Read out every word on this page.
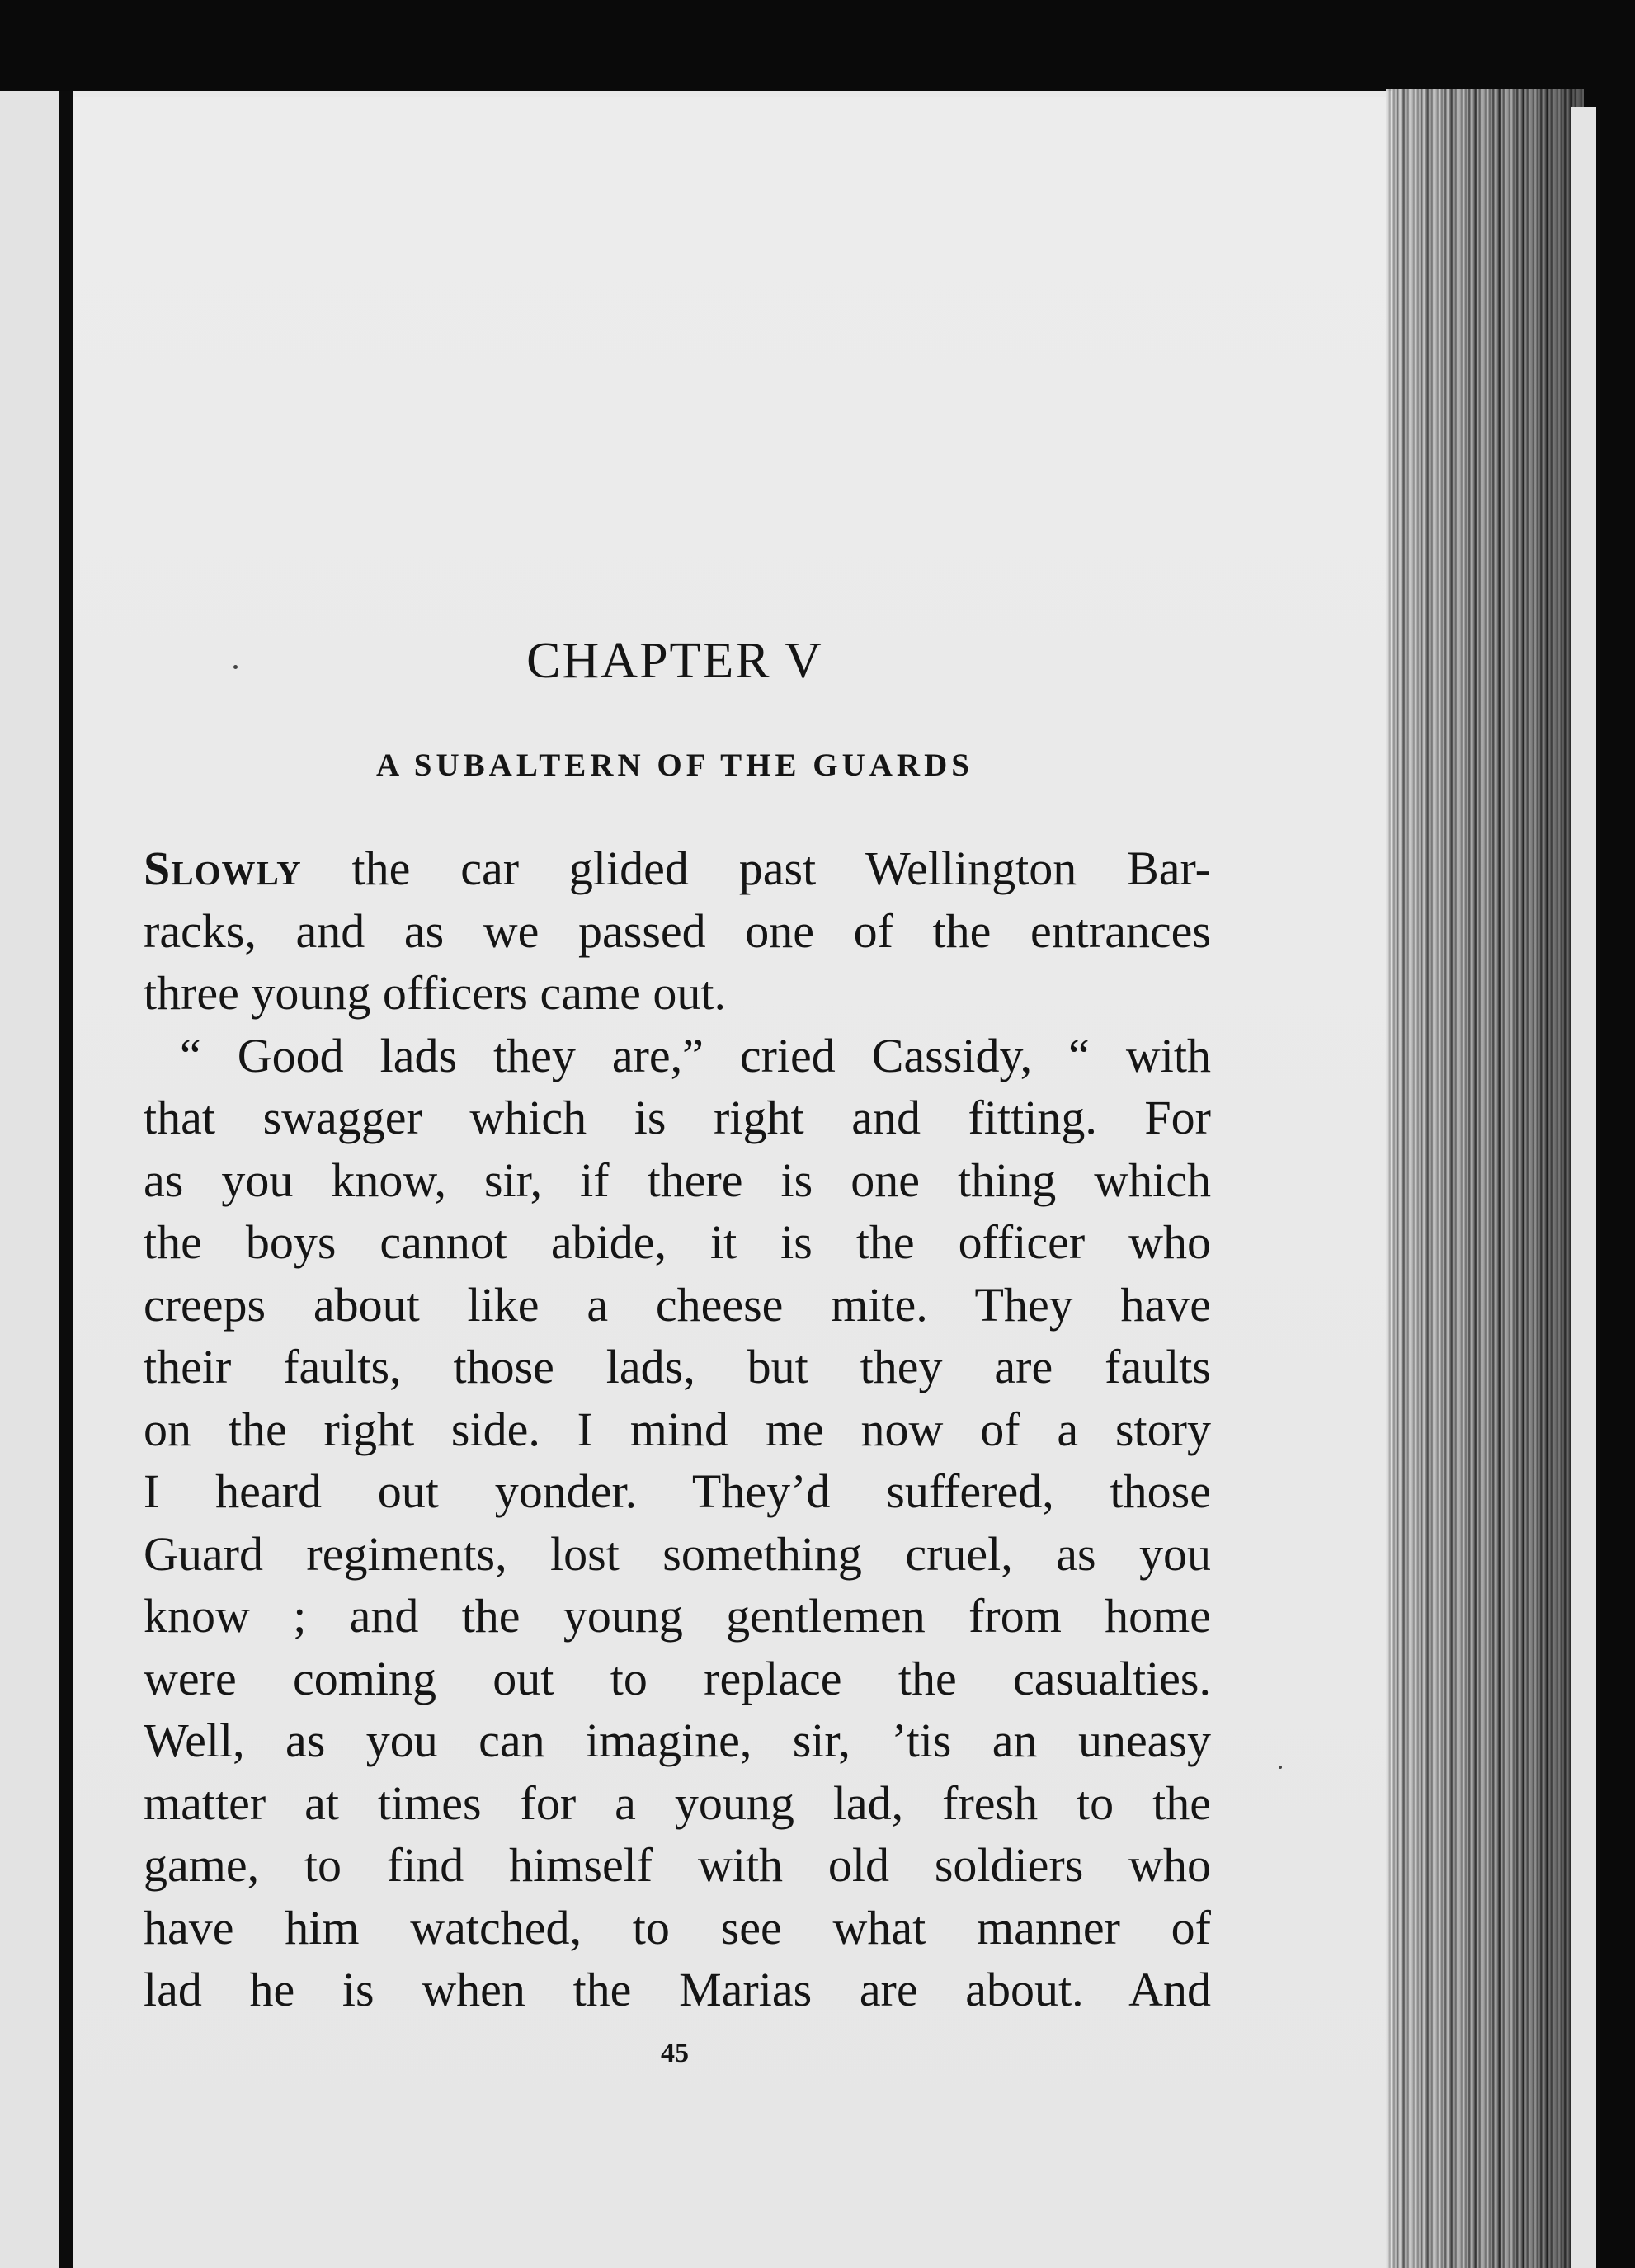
CHAPTER V
A SUBALTERN OF THE GUARDS
Slowly the car glided past Wellington Bar-
racks, and as we passed one of the entrances
three young officers came out.
“ Good lads they are,” cried Cassidy, “ with
that swagger which is right and fitting. For
as you know, sir, if there is one thing which
the boys cannot abide, it is the officer who
creeps about like a cheese mite. They have
their faults, those lads, but they are faults
on the right side. I mind me now of a story
I heard out yonder. They’d suffered, those
Guard regiments, lost something cruel, as you
know ; and the young gentlemen from home
were coming out to replace the casualties.
Well, as you can imagine, sir, ’tis an uneasy
matter at times for a young lad, fresh to the
game, to find himself with old soldiers who
have him watched, to see what manner of
lad he is when the Marias are about. And

45
